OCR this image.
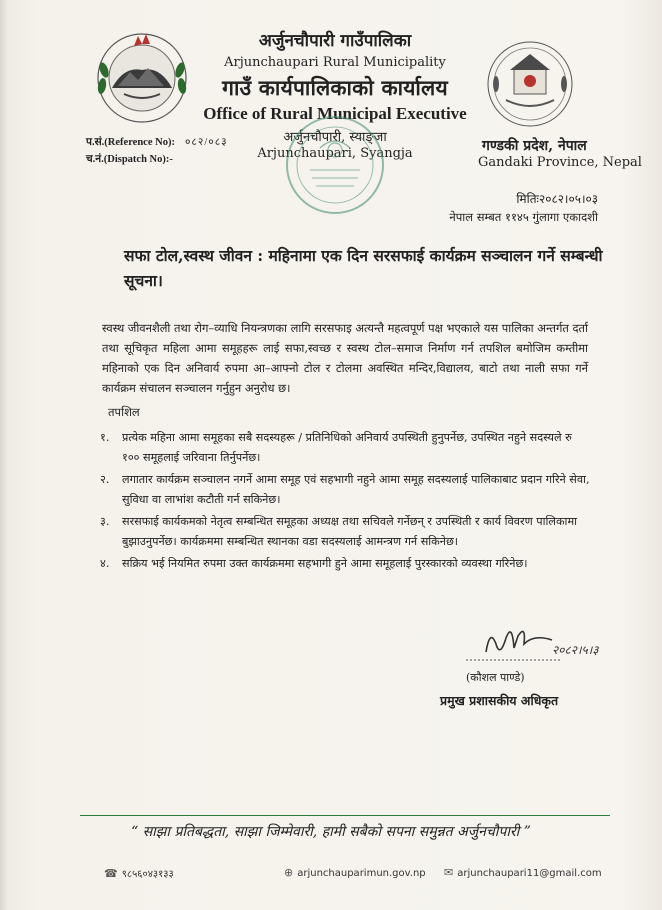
अर्जुनचौपारी गाउँपालिका
Arjunchaupari Rural Municipality
गाउँ कार्यपालिकाको कार्यालय
Office of Rural Municipal Executive
अर्जुनचौपारी, स्याङ्जा
Arjunchaupari, Syangja	गण्डकी प्रदेश, नेपाल
Gandaki Province, Nepal
प.सं.(Reference No): ०८२/०८३
च.नं.(Dispatch No):-
मितिः२०८२।०५।०३
नेपाल सम्बत ११४५ गुंलागा एकादशी
सफा टोल,स्वस्थ जीवन : महिनामा एक दिन सरसफाई कार्यक्रम सञ्चालन गर्ने सम्बन्धी सूचना।
स्वस्थ जीवनशैली तथा रोग–व्याधि नियन्त्रणका लागि सरसफाइ अत्यन्तै महत्वपूर्ण पक्ष भएकाले यस पालिका अन्तर्गत दर्ता तथा सूचिकृत महिला आमा समूहहरू लाई सफा,स्वच्छ र स्वस्थ टोल–समाज निर्माण गर्न तपशिल बमोजिम कम्तीमा महिनाको एक दिन अनिवार्य रुपमा आ–आफ्नो टोल र टोलमा अवस्थित मन्दिर,विद्यालय, बाटो तथा नाली सफा गर्ने कार्यक्रम संचालन सञ्चालन गर्नुहुन अनुरोध छ।
तपशिल
१. प्रत्येक महिना आमा समूहका सबै सदस्यहरू / प्रतिनिधिको अनिवार्य उपस्थिती हुनुपर्नेछ, उपस्थित नहुने सदस्यले रु १०० समूहलाई जरिवाना तिर्नुपर्नेछ।
२. लगातार कार्यक्रम सञ्चालन नगर्ने आमा समूह एवं सहभागी नहुने आमा समूह सदस्यलाई पालिकाबाट प्रदान गरिने सेवा, सुविधा वा लाभांश कटौती गर्न सकिनेछ।
३. सरसफाई कार्यकमको नेतृत्व सम्बन्धित समूहका अध्यक्ष तथा सचिवले गर्नेछन् र उपस्थिती र कार्य विवरण पालिकामा बुझाउनुपर्नेछ। कार्यक्रममा सम्बन्धित स्थानका वडा सदस्यलाई आमन्त्रण गर्न सकिनेछ।
४. सक्रिय भई नियमित रुपमा उक्त कार्यक्रममा सहभागी हुने आमा समूहलाई पुरस्कारको व्यवस्था गरिनेछ।
२०८२।५।३
(कौशल पाण्डे)
प्रमुख प्रशासकीय अधिकृत
“ साझा प्रतिबद्धता, साझा जिम्मेवारी, हामी सबैको सपना समुन्नत अर्जुनचौपारी ”
☎ ९८५६०४३१३३	⊕ arjunchauparimun.gov.np ✉ arjunchaupari11@gmail.com
